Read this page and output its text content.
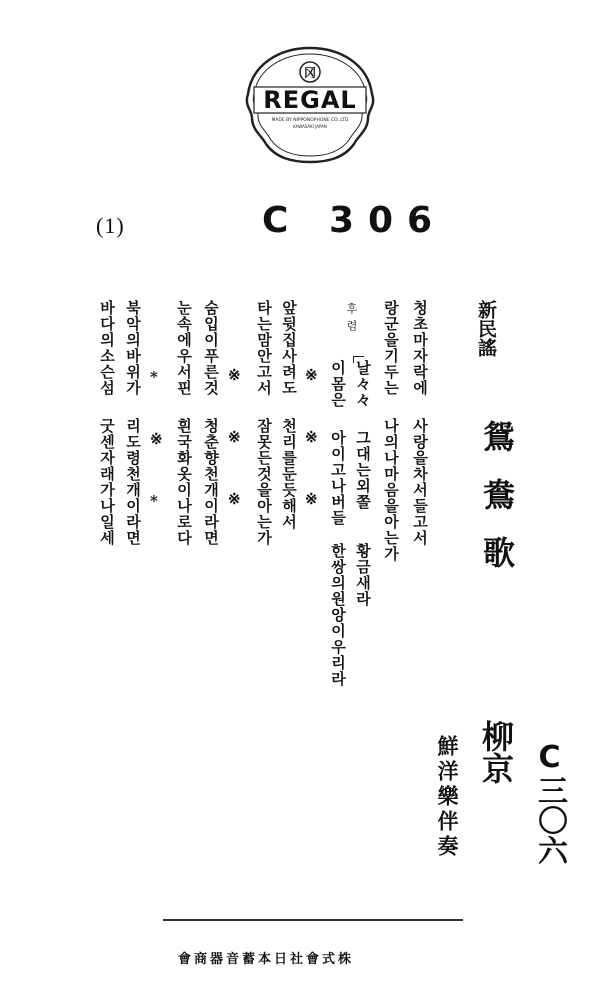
冈
REGAL
MADE BY NIPPONOPHONE CO.,LTD
KAWASAKI JAPAN
(1)	C 306
新民謠
鴛鴦歌
柳京
鮮洋樂伴奏 C三〇六
청초마자락에
사랑을차서들고서
랑군을기두는
나의나마음을아는가
후렴
날々々
그대는외쫄
황금새라
이몸은
아이고나버들
한쌍의원앙이우리라
※
※
※
앞뒷집사려도
천리를둔듯해서
타는맘안고서
잠못든것을아는가
※
※
※
숨입이푸른것
청춘향천개이라면
눈속에우서핀
흰국화옷이나로다
*
※
*
북악의바위가
리도령천개이라면
바다의소슨섬
굿센자래가나일세
會商器音蓄本日社會式株
